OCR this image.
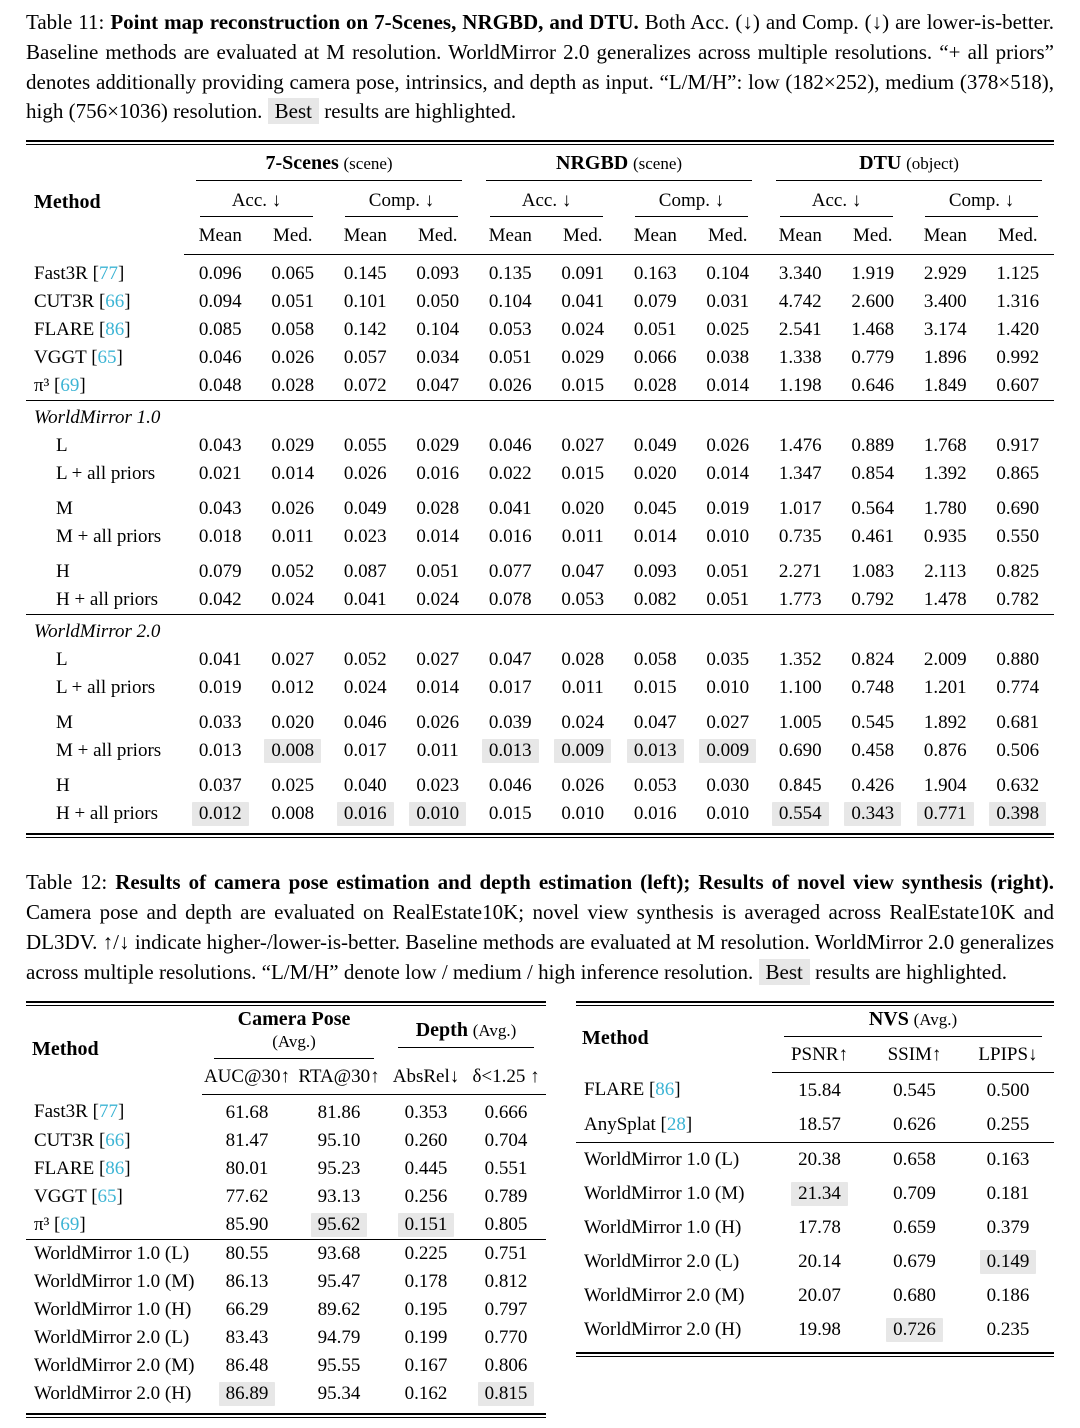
Table 11: Point map reconstruction on 7-Scenes, NRGBD, and DTU. Both Acc. (↓) and Comp. (↓) are lower-is-better. Baseline methods are evaluated at M resolution. WorldMirror 2.0 generalizes across multiple resolutions. “+ all priors” denotes additionally providing camera pose, intrinsics, and depth as input. “L/M/H”: low (182×252), medium (378×518), high (756×1036) resolution. Best results are highlighted.

Method	7-Scenes (scene)				NRGBD (scene)				DTU (object)			

	Acc. ↓		Comp. ↓		Acc. ↓		Comp. ↓		Acc. ↓		Comp. ↓	

	Mean	Med.	Mean	Med.	Mean	Med.	Mean	Med.	Mean	Med.	Mean	Med.
Fast3R [77]	0.096	0.065	0.145	0.093	0.135	0.091	0.163	0.104	3.340	1.919	2.929	1.125
CUT3R [66]	0.094	0.051	0.101	0.050	0.104	0.041	0.079	0.031	4.742	2.600	3.400	1.316
FLARE [86]	0.085	0.058	0.142	0.104	0.053	0.024	0.051	0.025	2.541	1.468	3.174	1.420
VGGT [65]	0.046	0.026	0.057	0.034	0.051	0.029	0.066	0.038	1.338	0.779	1.896	0.992
π³ [69]	0.048	0.028	0.072	0.047	0.026	0.015	0.028	0.014	1.198	0.646	1.849	0.607
WorldMirror 1.0												
L	0.043	0.029	0.055	0.029	0.046	0.027	0.049	0.026	1.476	0.889	1.768	0.917
L + all priors	0.021	0.014	0.026	0.016	0.022	0.015	0.020	0.014	1.347	0.854	1.392	0.865
M	0.043	0.026	0.049	0.028	0.041	0.020	0.045	0.019	1.017	0.564	1.780	0.690
M + all priors	0.018	0.011	0.023	0.014	0.016	0.011	0.014	0.010	0.735	0.461	0.935	0.550
H	0.079	0.052	0.087	0.051	0.077	0.047	0.093	0.051	2.271	1.083	2.113	0.825
H + all priors	0.042	0.024	0.041	0.024	0.078	0.053	0.082	0.051	1.773	0.792	1.478	0.782
WorldMirror 2.0												
L	0.041	0.027	0.052	0.027	0.047	0.028	0.058	0.035	1.352	0.824	2.009	0.880
L + all priors	0.019	0.012	0.024	0.014	0.017	0.011	0.015	0.010	1.100	0.748	1.201	0.774
M	0.033	0.020	0.046	0.026	0.039	0.024	0.047	0.027	1.005	0.545	1.892	0.681
M + all priors	0.013	0.008	0.017	0.011	0.013	0.009	0.013	0.009	0.690	0.458	0.876	0.506
H	0.037	0.025	0.040	0.023	0.046	0.026	0.053	0.030	0.845	0.426	1.904	0.632
H + all priors	0.012	0.008	0.016	0.010	0.015	0.010	0.016	0.010	0.554	0.343	0.771	0.398

Table 12: Results of camera pose estimation and depth estimation (left); Results of novel view synthesis (right). Camera pose and depth are evaluated on RealEstate10K; novel view synthesis is averaged across RealEstate10K and DL3DV. ↑/↓ indicate higher-/lower-is-better. Baseline methods are evaluated at M resolution. WorldMirror 2.0 generalizes across multiple resolutions. “L/M/H” denote low / medium / high inference resolution. Best results are highlighted.

Method	Camera Pose (Avg.)		Depth (Avg.)	

	AUC@30↑	RTA@30↑	AbsRel↓	δ<1.25 ↑
Fast3R [77]	61.68	81.86	0.353	0.666
CUT3R [66]	81.47	95.10	0.260	0.704
FLARE [86]	80.01	95.23	0.445	0.551
VGGT [65]	77.62	93.13	0.256	0.789
π³ [69]	85.90	95.62	0.151	0.805
WorldMirror 1.0 (L)	80.55	93.68	0.225	0.751
WorldMirror 1.0 (M)	86.13	95.47	0.178	0.812
WorldMirror 1.0 (H)	66.29	89.62	0.195	0.797
WorldMirror 2.0 (L)	83.43	94.79	0.199	0.770
WorldMirror 2.0 (M)	86.48	95.55	0.167	0.806
WorldMirror 2.0 (H)	86.89	95.34	0.162	0.815
Method	NVS (Avg.)		

	PSNR↑	SSIM↑	LPIPS↓
FLARE [86]	15.84	0.545	0.500
AnySplat [28]	18.57	0.626	0.255
WorldMirror 1.0 (L)	20.38	0.658	0.163
WorldMirror 1.0 (M)	21.34	0.709	0.181
WorldMirror 1.0 (H)	17.78	0.659	0.379
WorldMirror 2.0 (L)	20.14	0.679	0.149
WorldMirror 2.0 (M)	20.07	0.680	0.186
WorldMirror 2.0 (H)	19.98	0.726	0.235
